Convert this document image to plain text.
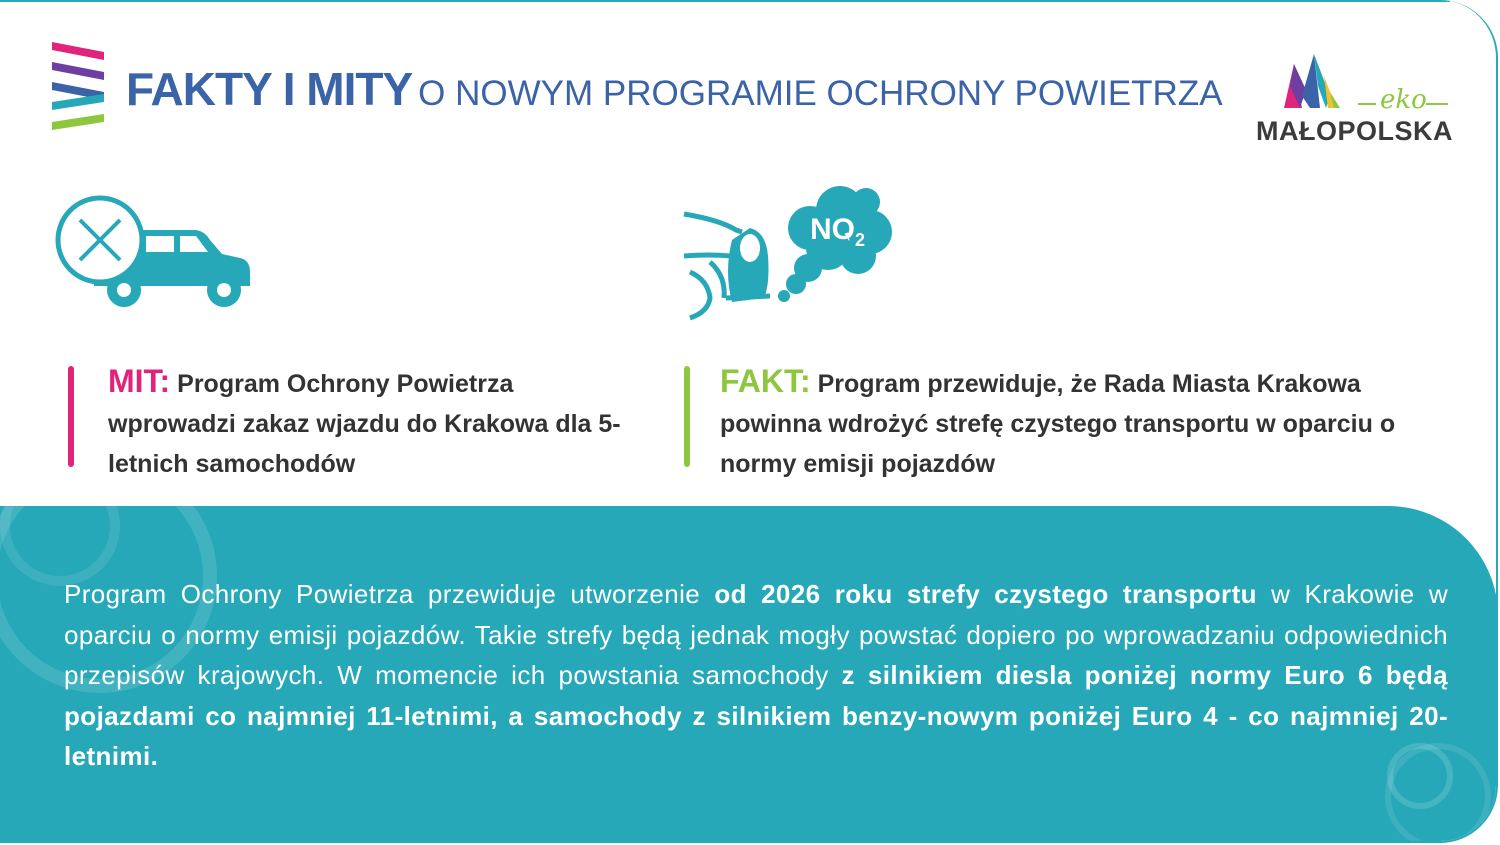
FAKTY I MITY O NOWYM PROGRAMIE OCHRONY POWIETRZA	eko
MAŁOPOLSKA
$NO_2$
MIT: Program Ochrony Powietrza wprowadzi zakaz wjazdu do Krakowa dla 5-letnich samochodów
FAKT: Program przewiduje, że Rada Miasta Krakowa powinna wdrożyć strefę czystego transportu w oparciu o normy emisji pojazdów
Program Ochrony Powietrza przewiduje utworzenie od 2026 roku strefy czystego transportu w Krakowie w oparciu o normy emisji pojazdów. Takie strefy będą jednak mogły powstać dopiero po wprowadzaniu odpowiednich przepisów krajowych. W momencie ich powstania samochody z silnikiem diesla poniżej normy Euro 6 będą pojazdami co najmniej 11-letnimi, a samochody z silnikiem benzy-nowym poniżej Euro 4 - co najmniej 20-letnimi.
